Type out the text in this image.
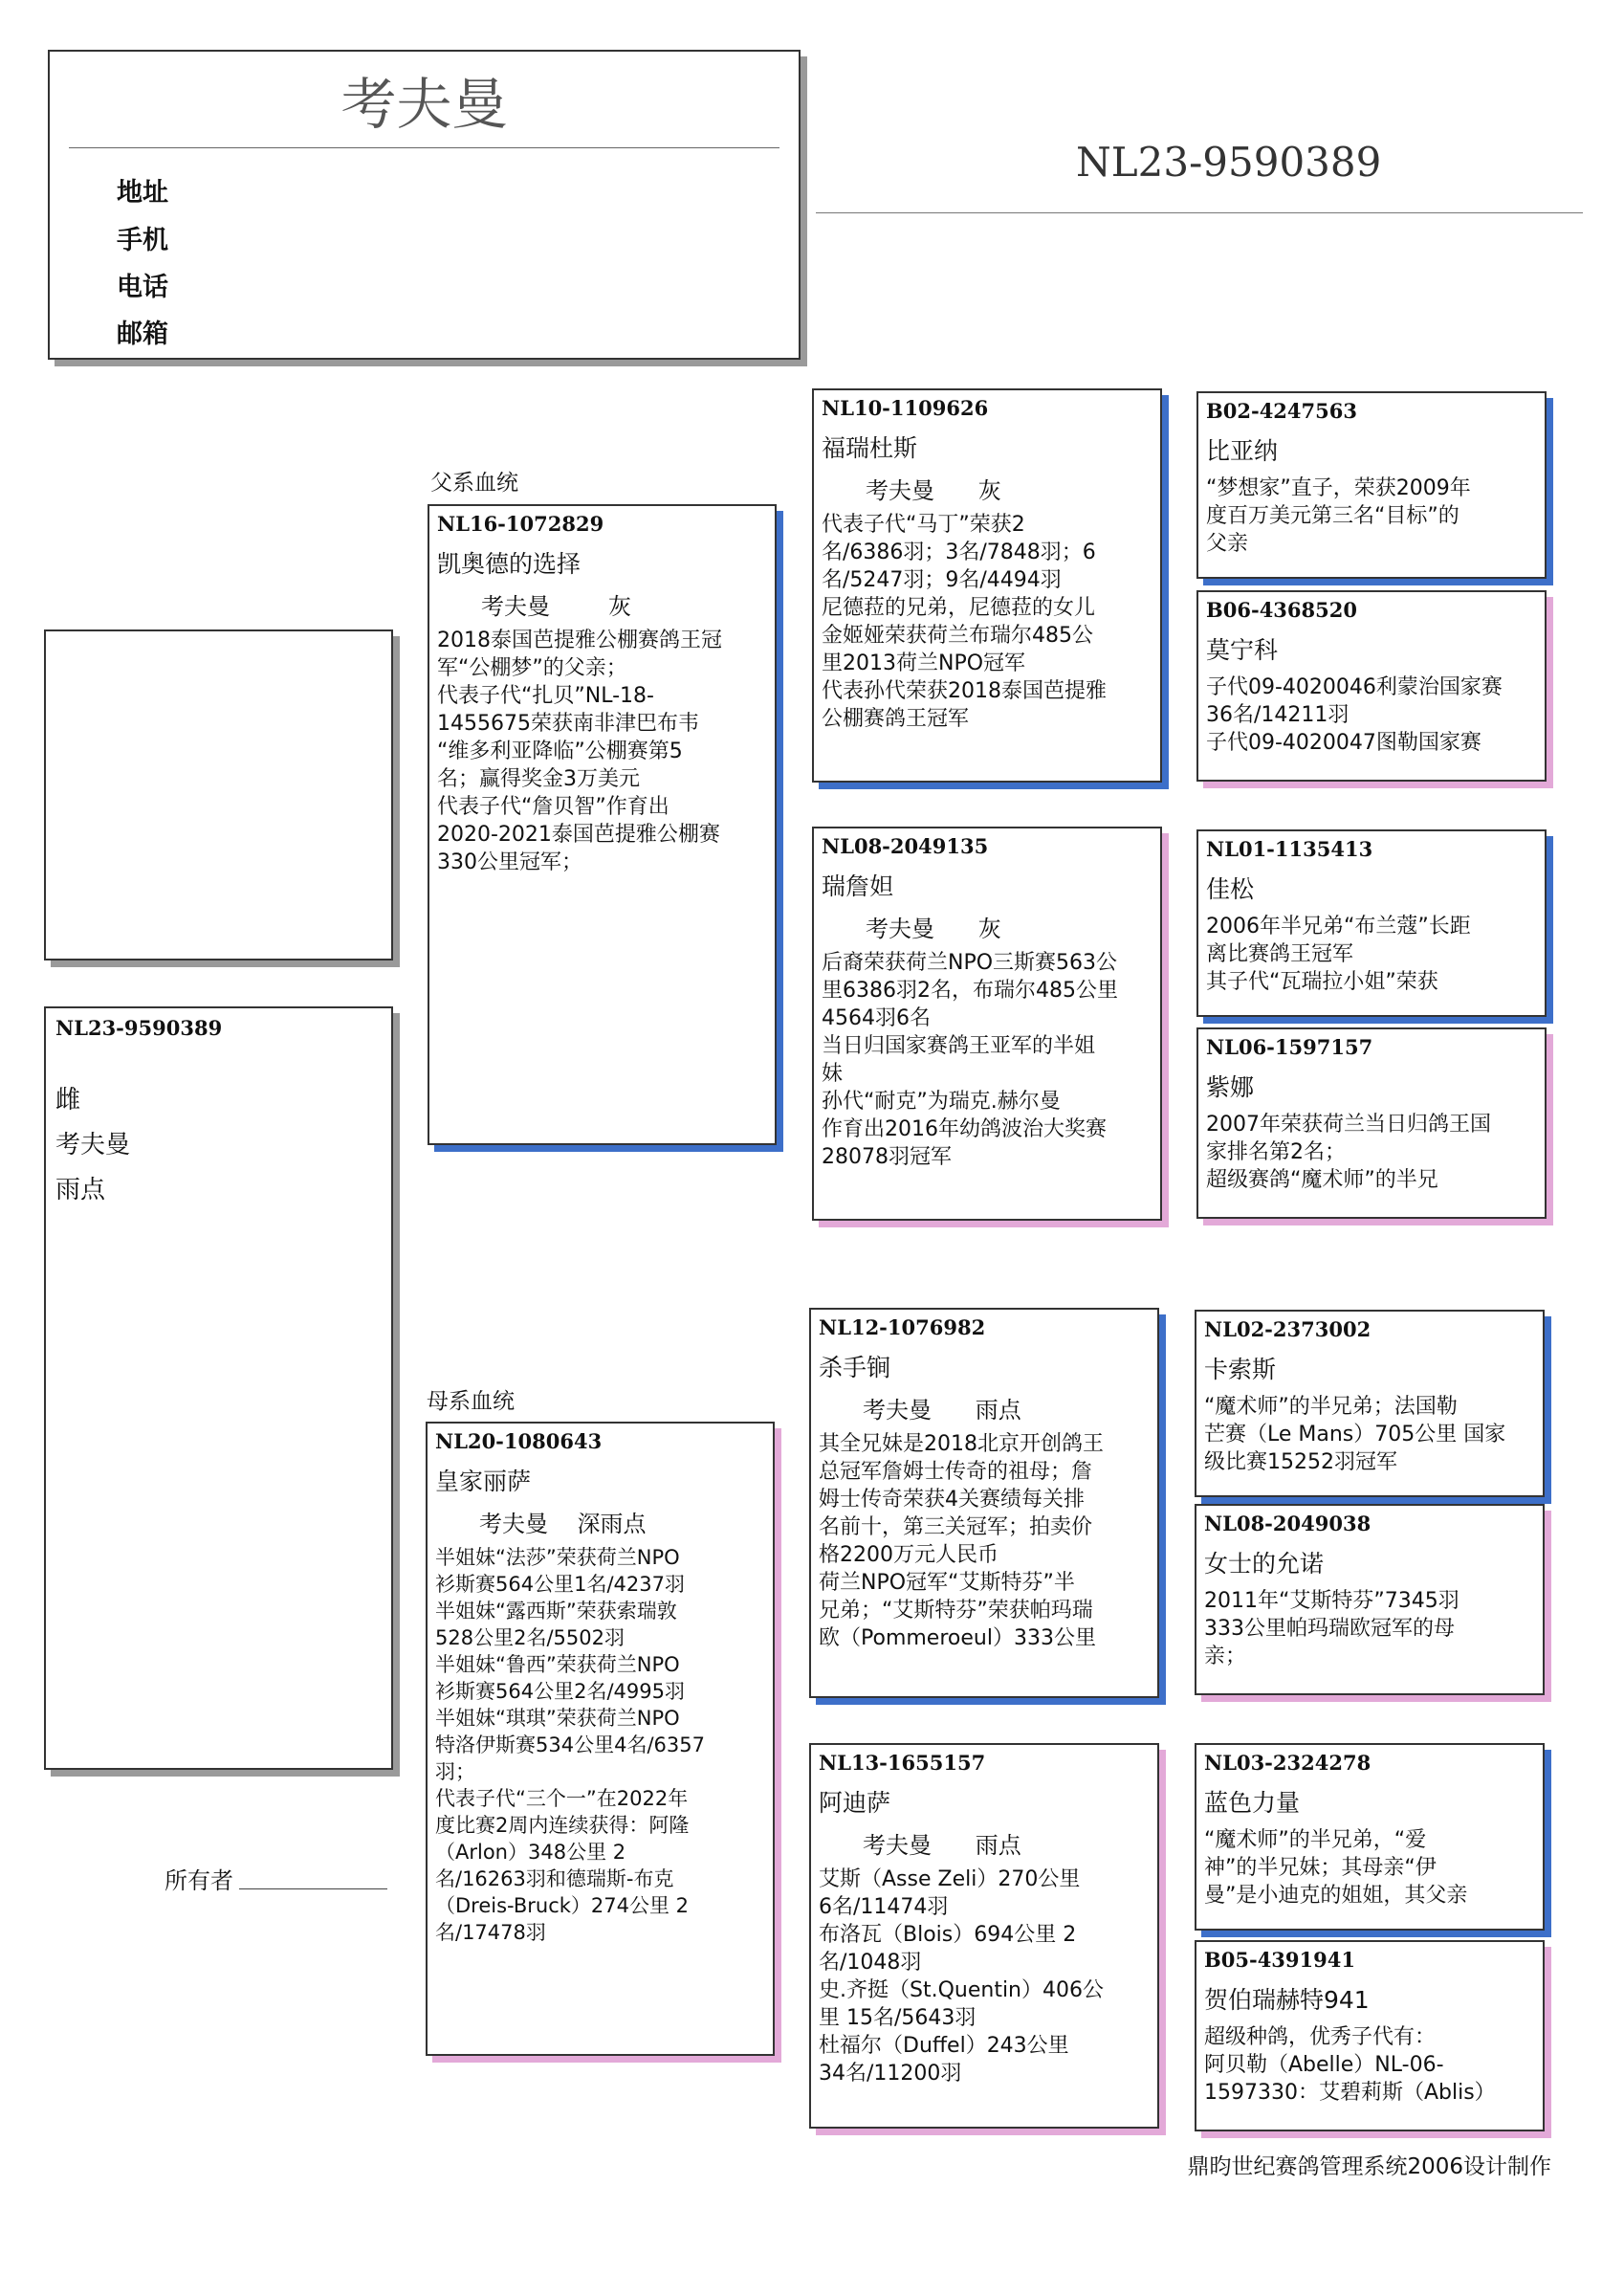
考夫曼
地址
手机
电话
邮箱
NL23-9590389
NL23-9590389
雌
考夫曼
雨点
所有者
父系血统
母系血统
NL16-1072829
凯奥德的选择
考夫曼	灰
2018泰国芭提雅公棚赛鸽王冠
军“公棚梦”的父亲；
代表子代“扎贝”NL-18-
1455675荣获南非津巴布韦
“维多利亚降临”公棚赛第5
名；赢得奖金3万美元
代表子代“詹贝智”作育出
2020-2021泰国芭提雅公棚赛
330公里冠军；
NL20-1080643
皇家丽萨
考夫曼 深雨点
半姐妹“法莎”荣获荷兰NPO
衫斯赛564公里1名/4237羽
半姐妹“露西斯”荣获索瑞敦
528公里2名/5502羽
半姐妹“鲁西”荣获荷兰NPO
衫斯赛564公里2名/4995羽
半姐妹“琪琪”荣获荷兰NPO
特洛伊斯赛534公里4名/6357
羽；
代表子代“三个一”在2022年
度比赛2周内连续获得：阿隆
（Arlon）348公里 2
名/16263羽和德瑞斯-布克
（Dreis-Bruck）274公里 2
名/17478羽
NL10-1109626
福瑞杜斯
考夫曼 灰
代表子代“马丁”荣获2
名/6386羽；3名/7848羽；6
名/5247羽；9名/4494羽
尼德菈的兄弟，尼德菈的女儿
金姬娅荣获荷兰布瑞尔485公
里2013荷兰NPO冠军
代表孙代荣获2018泰国芭提雅
公棚赛鸽王冠军
NL08-2049135
瑞詹妲
考夫曼 灰
后裔荣获荷兰NPO三斯赛563公
里6386羽2名，布瑞尔485公里
4564羽6名
当日归国家赛鸽王亚军的半姐
妹
孙代“耐克”为瑞克.赫尔曼
作育出2016年幼鸽波治大奖赛
28078羽冠军
NL12-1076982
杀手锏
考夫曼 雨点
其全兄妹是2018北京开创鸽王
总冠军詹姆士传奇的祖母；詹
姆士传奇荣获4关赛绩每关排
名前十，第三关冠军；拍卖价
格2200万元人民币
荷兰NPO冠军“艾斯特芬”半
兄弟；“艾斯特芬”荣获帕玛瑞
欧（Pommeroeul）333公里
NL13-1655157
阿迪萨
考夫曼 雨点
艾斯（Asse Zeli）270公里
6名/11474羽
布洛瓦（Blois）694公里 2
名/1048羽
史.齐挺（St.Quentin）406公
里 15名/5643羽
杜福尔（Duffel）243公里
34名/11200羽
B02-4247563
比亚纳
“梦想家”直子，荣获2009年
度百万美元第三名“目标”的
父亲
B06-4368520
莫宁科
子代09-4020046利蒙治国家赛
36名/14211羽
子代09-4020047图勒国家赛
NL01-1135413
佳松
2006年半兄弟“布兰蔻”长距
离比赛鸽王冠军
其子代“瓦瑞拉小姐”荣获
NL06-1597157
紫娜
2007年荣获荷兰当日归鸽王国
家排名第2名；
超级赛鸽“魔术师”的半兄
NL02-2373002
卡索斯
“魔术师”的半兄弟；法国勒
芒赛（Le Mans）705公里 国家
级比赛15252羽冠军
NL08-2049038
女士的允诺
2011年“艾斯特芬”7345羽
333公里帕玛瑞欧冠军的母
亲；
NL03-2324278
蓝色力量
“魔术师”的半兄弟，“爱
神”的半兄妹；其母亲“伊
曼”是小迪克的姐姐，其父亲
B05-4391941
贺伯瑞赫特941
超级种鸽，优秀子代有：
阿贝勒（Abelle）NL-06-
1597330：艾碧莉斯（Ablis）
鼎昀世纪赛鸽管理系统2006设计制作
